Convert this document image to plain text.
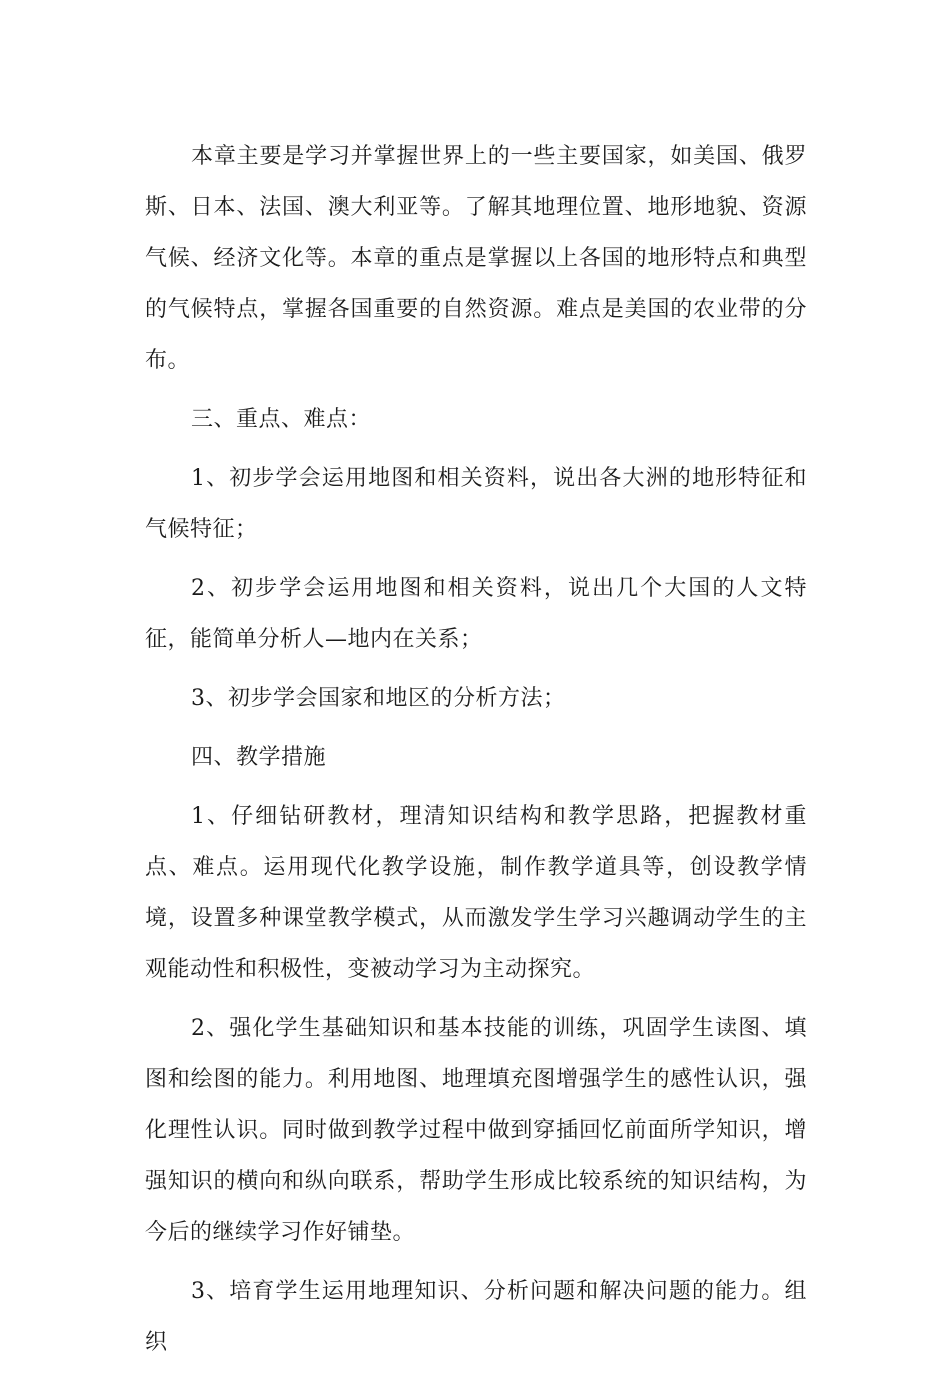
本章主要是学习并掌握世界上的一些主要国家，如美国、俄罗斯、日本、法国、澳大利亚等。了解其地理位置、地形地貌、资源气候、经济文化等。本章的重点是掌握以上各国的地形特点和典型的气候特点，掌握各国重要的自然资源。难点是美国的农业带的分布。

三、重点、难点：

1、初步学会运用地图和相关资料，说出各大洲的地形特征和气候特征；

2、初步学会运用地图和相关资料，说出几个大国的人文特征，能简单分析人—地内在关系；

3、初步学会国家和地区的分析方法；

四、教学措施

1、仔细钻研教材，理清知识结构和教学思路，把握教材重点、难点。运用现代化教学设施，制作教学道具等，创设教学情境，设置多种课堂教学模式，从而激发学生学习兴趣调动学生的主观能动性和积极性，变被动学习为主动探究。

2、强化学生基础知识和基本技能的训练，巩固学生读图、填图和绘图的能力。利用地图、地理填充图增强学生的感性认识，强化理性认识。同时做到教学过程中做到穿插回忆前面所学知识，增强知识的横向和纵向联系，帮助学生形成比较系统的知识结构，为今后的继续学习作好铺垫。

3、培育学生运用地理知识、分析问题和解决问题的能力。组织
